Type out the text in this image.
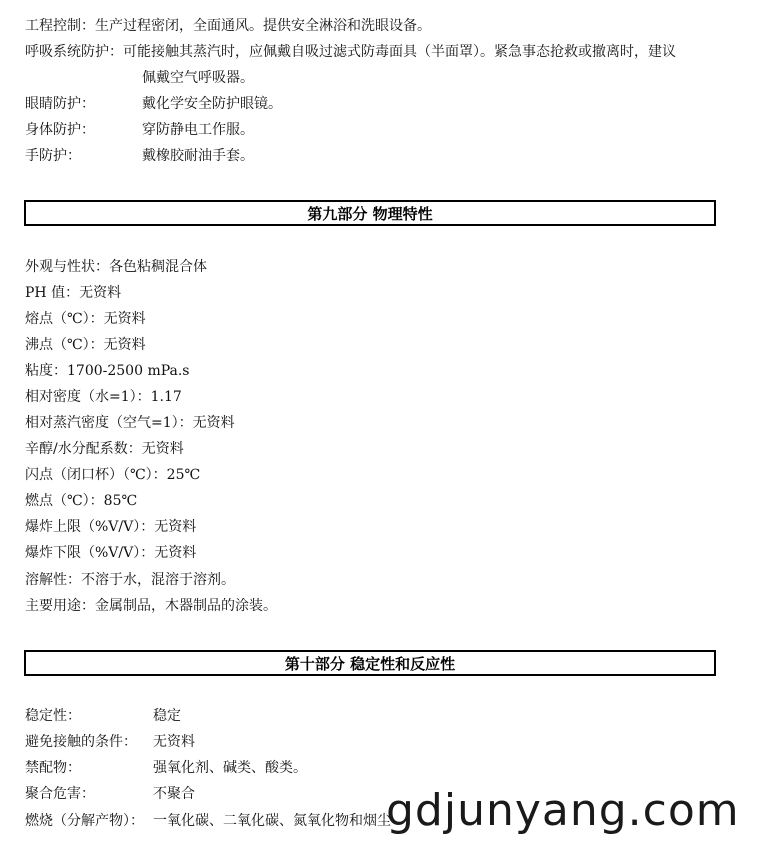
工程控制：生产过程密闭，全面通风。提供安全淋浴和洗眼设备。
呼吸系统防护：可能接触其蒸汽时，应佩戴自吸过滤式防毒面具（半面罩）。紧急事态抢救或撤离时，建议
佩戴空气呼吸器。
眼睛防护：	戴化学安全防护眼镜。
身体防护：	穿防静电工作服。
手防护：	戴橡胶耐油手套。
第九部分 物理特性
外观与性状：各色粘稠混合体
PH 值：无资料
熔点（℃）：无资料
沸点（℃）：无资料
粘度：1700-2500 mPa.s
相对密度（水=1）：1.17
相对蒸汽密度（空气=1）：无资料
辛醇/水分配系数：无资料
闪点（闭口杯）（℃）：25℃
燃点（℃）：85℃
爆炸上限（%V/V）：无资料
爆炸下限（%V/V）：无资料
溶解性：不溶于水，混溶于溶剂。
主要用途：金属制品，木器制品的涂装。
第十部分 稳定性和反应性
稳定性：	稳定
避免接触的条件： 无资料
禁配物：	强氧化剂、碱类、酸类。
聚合危害：	不聚合
燃烧（分解产物）： 一氧化碳、二氧化碳、氮氧化物和烟尘
gdjunyang.com
